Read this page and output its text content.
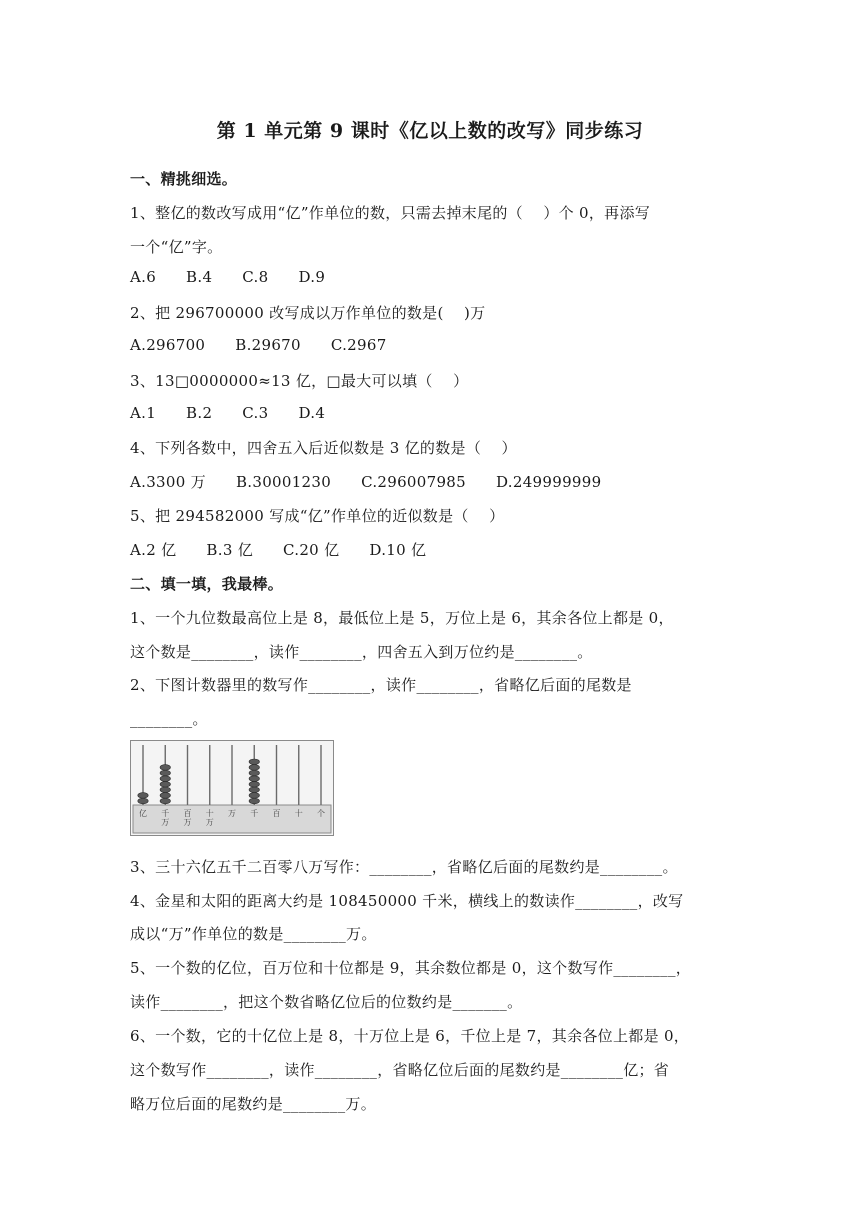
第 1 单元第 9 课时《亿以上数的改写》同步练习
一、精挑细选。
1、整亿的数改写成用“亿”作单位的数，只需去掉末尾的（　 ）个 0，再添写
一个“亿”字。
A.6 B.4 C.8 D.9
2、把 296700000 改写成以万作单位的数是(　 )万
A.296700 B.29670 C.2967
3、13□0000000≈13 亿，□最大可以填（　 ）
A.1 B.2 C.3 D.4
4、下列各数中，四舍五入后近似数是 3 亿的数是（　 ）
A.3300 万 B.30001230 C.296007985 D.249999999
5、把 294582000 写成“亿”作单位的近似数是（　 ）
A.2 亿 B.3 亿 C.20 亿 D.10 亿
二、填一填，我最棒。
1、一个九位数最高位上是 8，最低位上是 5，万位上是 6，其余各位上都是 0，
这个数是________，读作________，四舍五入到万位约是________。
2、下图计数器里的数写作________，读作________，省略亿后面的尾数是
________。
亿 千万
百万
十万
万 千 百 十 个
3、三十六亿五千二百零八万写作：________，省略亿后面的尾数约是________。
4、金星和太阳的距离大约是 108450000 千米，横线上的数读作________，改写
成以“万”作单位的数是________万。
5、一个数的亿位，百万位和十位都是 9，其余数位都是 0，这个数写作________，
读作________，把这个数省略亿位后的位数约是_______。
6、一个数，它的十亿位上是 8，十万位上是 6，千位上是 7，其余各位上都是 0，
这个数写作________，读作________，省略亿位后面的尾数约是________亿；省
略万位后面的尾数约是________万。
